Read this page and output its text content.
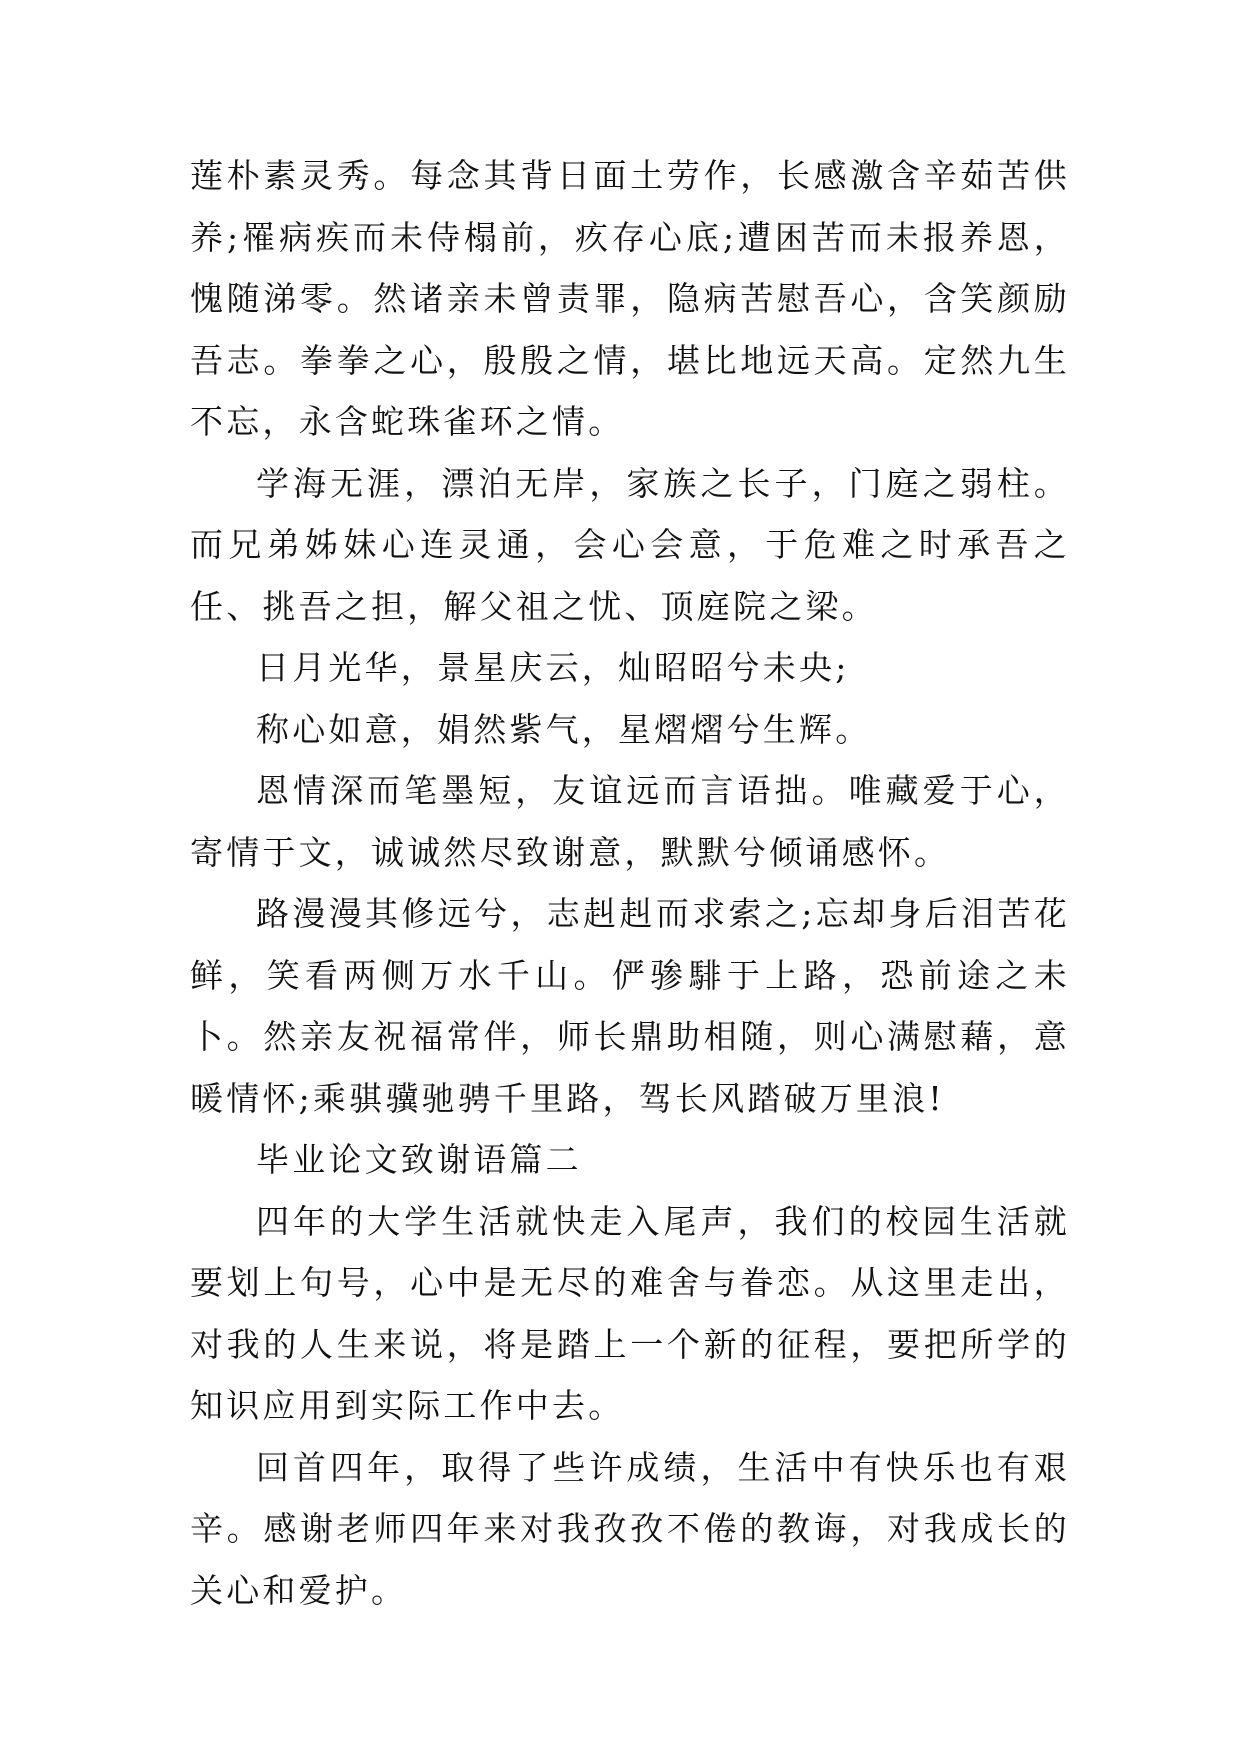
莲朴素灵秀。每念其背日面土劳作，长感激含辛茹苦供养;罹病疾而未侍榻前，疚存心底;遭困苦而未报养恩，愧随涕零。然诸亲未曾责罪，隐病苦慰吾心，含笑颜励吾志。拳拳之心，殷殷之情，堪比地远天高。定然九生不忘，永含蛇珠雀环之情。

学海无涯，漂泊无岸，家族之长子，门庭之弱柱。而兄弟姊妹心连灵通，会心会意，于危难之时承吾之任、挑吾之担，解父祖之忧、顶庭院之梁。

日月光华，景星庆云，灿昭昭兮未央;

称心如意，娟然紫气，星熠熠兮生辉。

恩情深而笔墨短，友谊远而言语拙。唯藏爱于心，寄情于文，诚诚然尽致谢意，默默兮倾诵感怀。

路漫漫其修远兮，志赳赳而求索之;忘却身后泪苦花鲜，笑看两侧万水千山。俨骖騑于上路，恐前途之未卜。然亲友祝福常伴，师长鼎助相随，则心满慰藉，意暖情怀;乘骐骥驰骋千里路，驾长风踏破万里浪!

毕业论文致谢语篇二

四年的大学生活就快走入尾声，我们的校园生活就要划上句号，心中是无尽的难舍与眷恋。从这里走出，对我的人生来说，将是踏上一个新的征程，要把所学的知识应用到实际工作中去。

回首四年，取得了些许成绩，生活中有快乐也有艰辛。感谢老师四年来对我孜孜不倦的教诲，对我成长的关心和爱护。
